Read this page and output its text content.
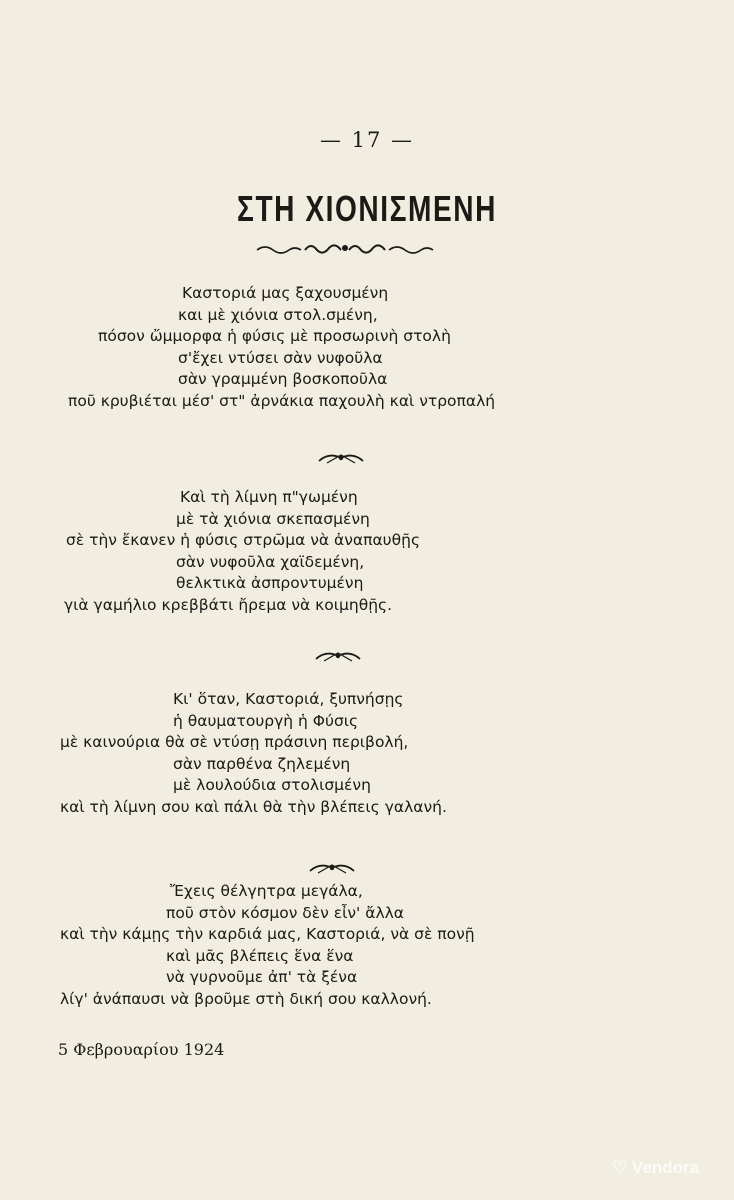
— 17 —
ΣΤΗ ΧΙΟΝΙΣΜΕΝΗ
Καστοριά μας ξαχουσμένη
και μὲ χιόνια στολ.σμένη,
πόσον ὤμμορφα ἡ φύσις μὲ προσωρινὴ στολὴ
σ'ἔχει ντύσει σὰν νυφοῦλα
σὰν γραμμένη βοσκοποῦλα
ποῦ κρυβιέται μέσ' στ" ἀρνάκια παχουλὴ καὶ ντροπαλή
Καὶ τὴ λίμνη π"γωμένη
μὲ τὰ χιόνια σκεπασμένη
σὲ τὴν ἔκανεν ἡ φύσις στρῶμα νὰ ἀναπαυθῇς
σὰν νυφοῦλα χαϊδεμένη,
θελκτικὰ ἀσπροντυμένη
γιὰ γαμήλιο κρεββάτι ἤρεμα νὰ κοιμηθῇς.
Κι' ὅταν, Καστοριά, ξυπνήσῃς
ἡ θαυματουργὴ ἡ Φύσις
μὲ καινούρια θὰ σὲ ντύσῃ πράσινη περιβολή,
σὰν παρθένα ζηλεμένη
μὲ λουλούδια στολισμένη
καὶ τὴ λίμνη σου καὶ πάλι θὰ τὴν βλέπεις γαλανή.
Ἔχεις θέλγητρα μεγάλα,
ποῦ στὸν κόσμον δὲν εἶν' ἄλλα
καὶ τὴν κάμῃς τὴν καρδιά μας, Καστοριά, νὰ σὲ πονῇ
καὶ μᾶς βλέπεις ἕνα ἕνα
νὰ γυρνοῦμε ἀπ' τὰ ξένα
λίγ' ἀνάπαυσι νὰ βροῦμε στὴ δική σου καλλονή.
5 Φεβρουαρίου 1924
♡ Vendora
